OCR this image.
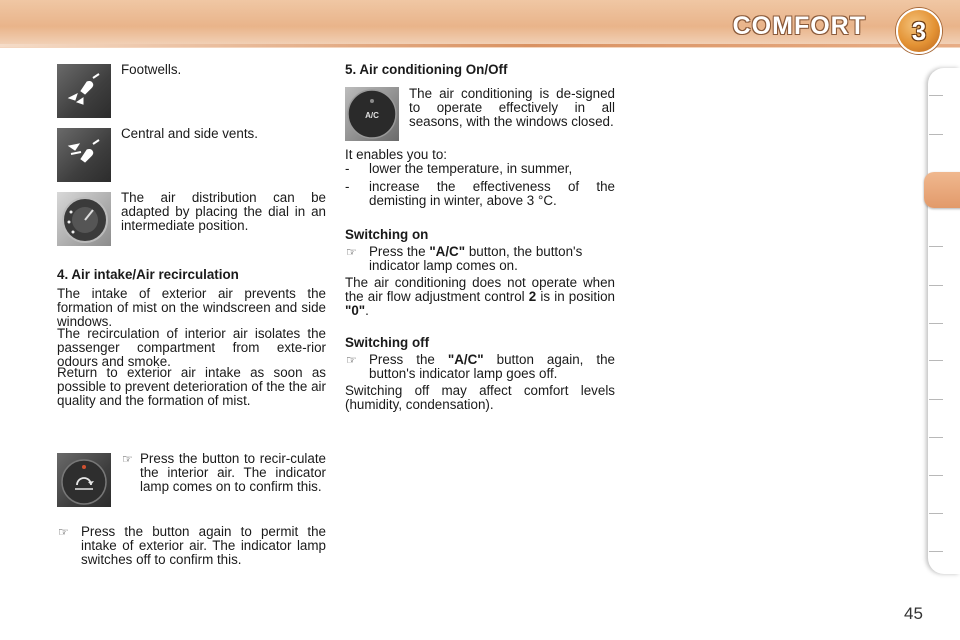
COMFORT 3
Footwells.
Central and side vents.
The air distribution can be adapted by placing the dial in an intermediate position.
4. Air intake/Air recirculation
The intake of exterior air prevents the formation of mist on the windscreen and side windows.
The recirculation of interior air isolates the passenger compartment from exte-rior odours and smoke.
Return to exterior air intake as soon as possible to prevent deterioration of the the air quality and the formation of mist.
☞ Press the button to recir-culate the interior air. The indicator lamp comes on to confirm this.
☞ Press the button again to permit the intake of exterior air. The indicator lamp switches off to confirm this.
5. Air conditioning On/Off
A/C
The air conditioning is de-signed to operate effectively in all seasons, with the windows closed.
It enables you to:
- lower the temperature, in summer,
- increase the effectiveness of the demisting in winter, above 3 °C.
Switching on
☞ Press the "A/C" button, the button's indicator lamp comes on.
The air conditioning does not operate when the air flow adjustment control 2 is in position "0".
Switching off
☞ Press the "A/C" button again, the button's indicator lamp goes off.
Switching off may affect comfort levels (humidity, condensation).
45
